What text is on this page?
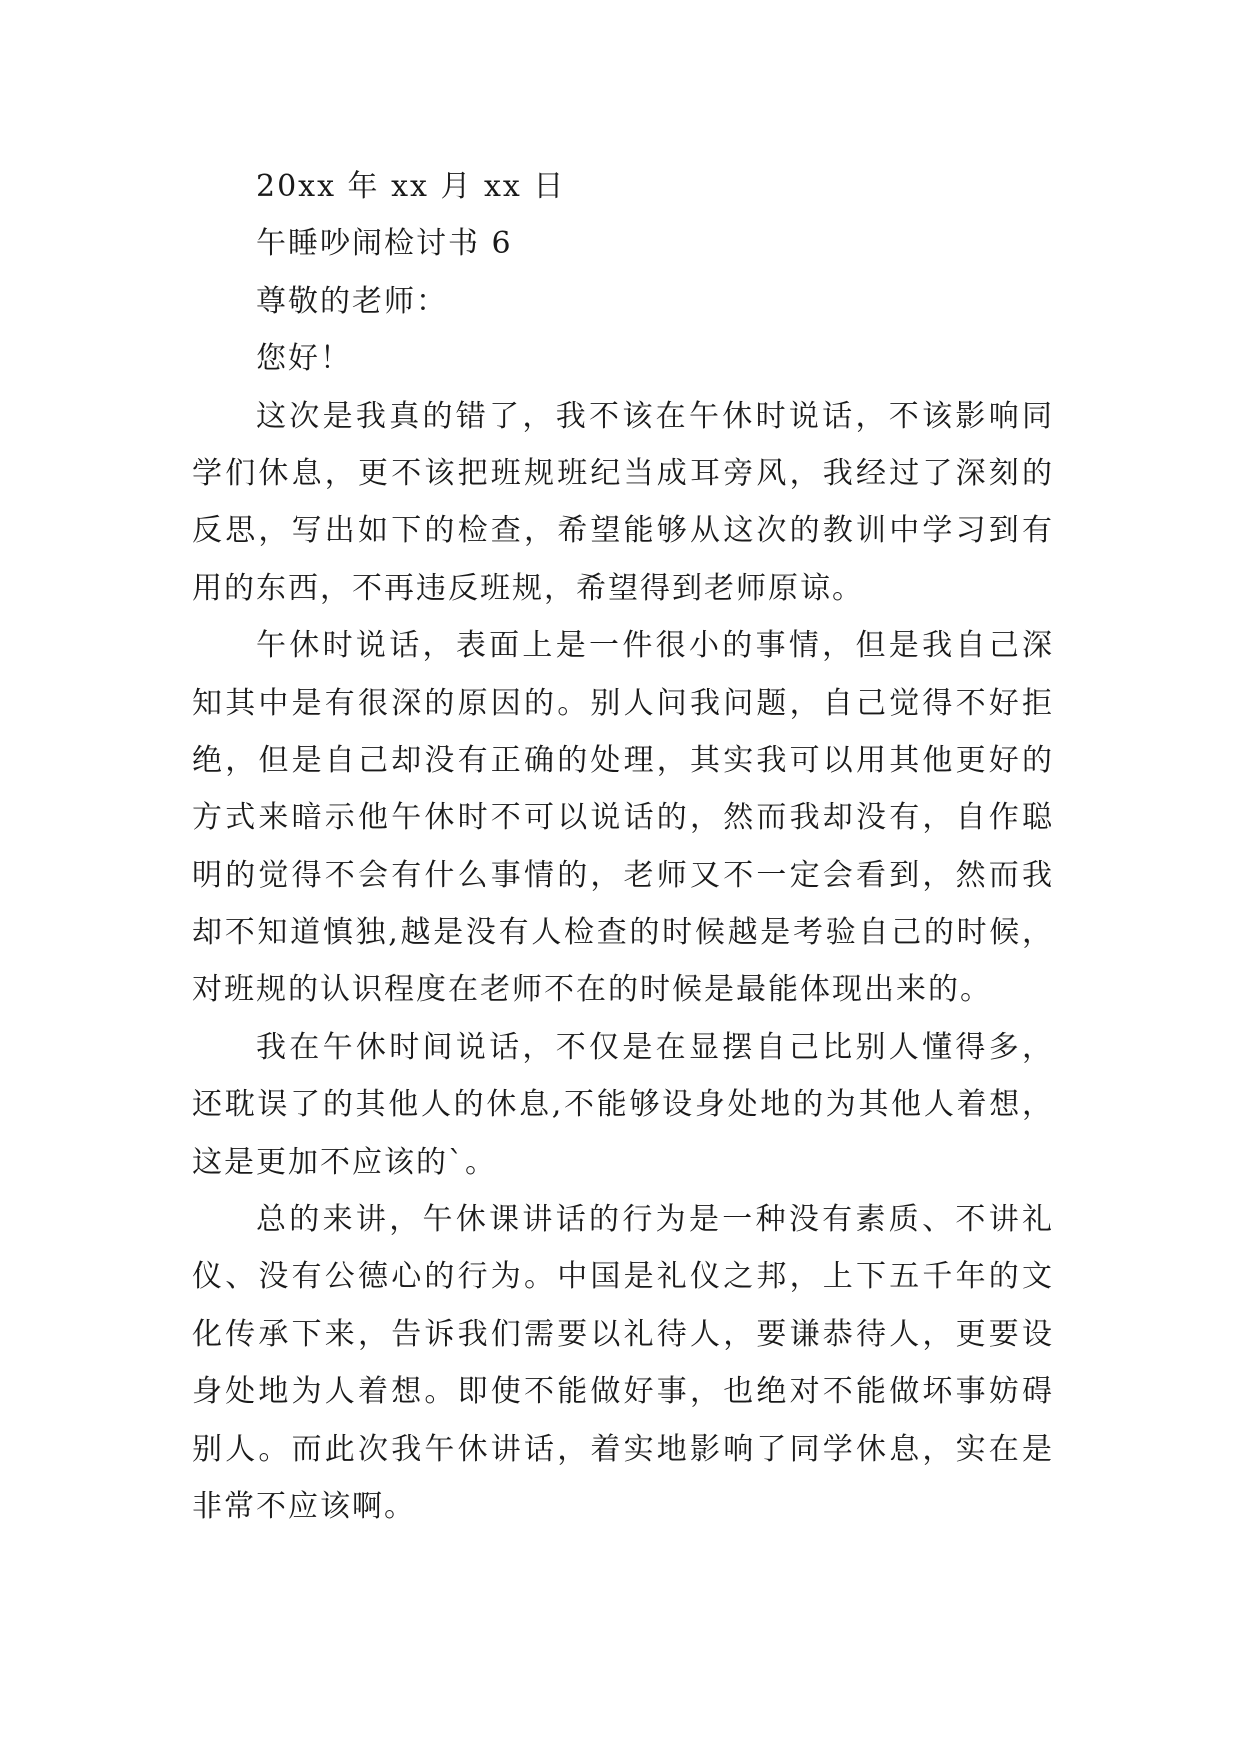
20xx 年 xx 月 xx 日
午睡吵闹检讨书 6
尊敬的老师：
您好！
这次是我真的错了，我不该在午休时说话，不该影响同
学们休息，更不该把班规班纪当成耳旁风，我经过了深刻的
反思，写出如下的检查，希望能够从这次的教训中学习到有
用的东西，不再违反班规，希望得到老师原谅。
午休时说话，表面上是一件很小的事情，但是我自己深
知其中是有很深的原因的。别人问我问题，自己觉得不好拒
绝，但是自己却没有正确的处理，其实我可以用其他更好的
方式来暗示他午休时不可以说话的，然而我却没有，自作聪
明的觉得不会有什么事情的，老师又不一定会看到，然而我
却不知道慎独,越是没有人检查的时候越是考验自己的时候，
对班规的认识程度在老师不在的时候是最能体现出来的。
我在午休时间说话，不仅是在显摆自己比别人懂得多，
还耽误了的其他人的休息,不能够设身处地的为其他人着想，
这是更加不应该的`。
总的来讲，午休课讲话的行为是一种没有素质、不讲礼
仪、没有公德心的行为。中国是礼仪之邦，上下五千年的文
化传承下来，告诉我们需要以礼待人，要谦恭待人，更要设
身处地为人着想。即使不能做好事，也绝对不能做坏事妨碍
别人。而此次我午休讲话，着实地影响了同学休息，实在是
非常不应该啊。
